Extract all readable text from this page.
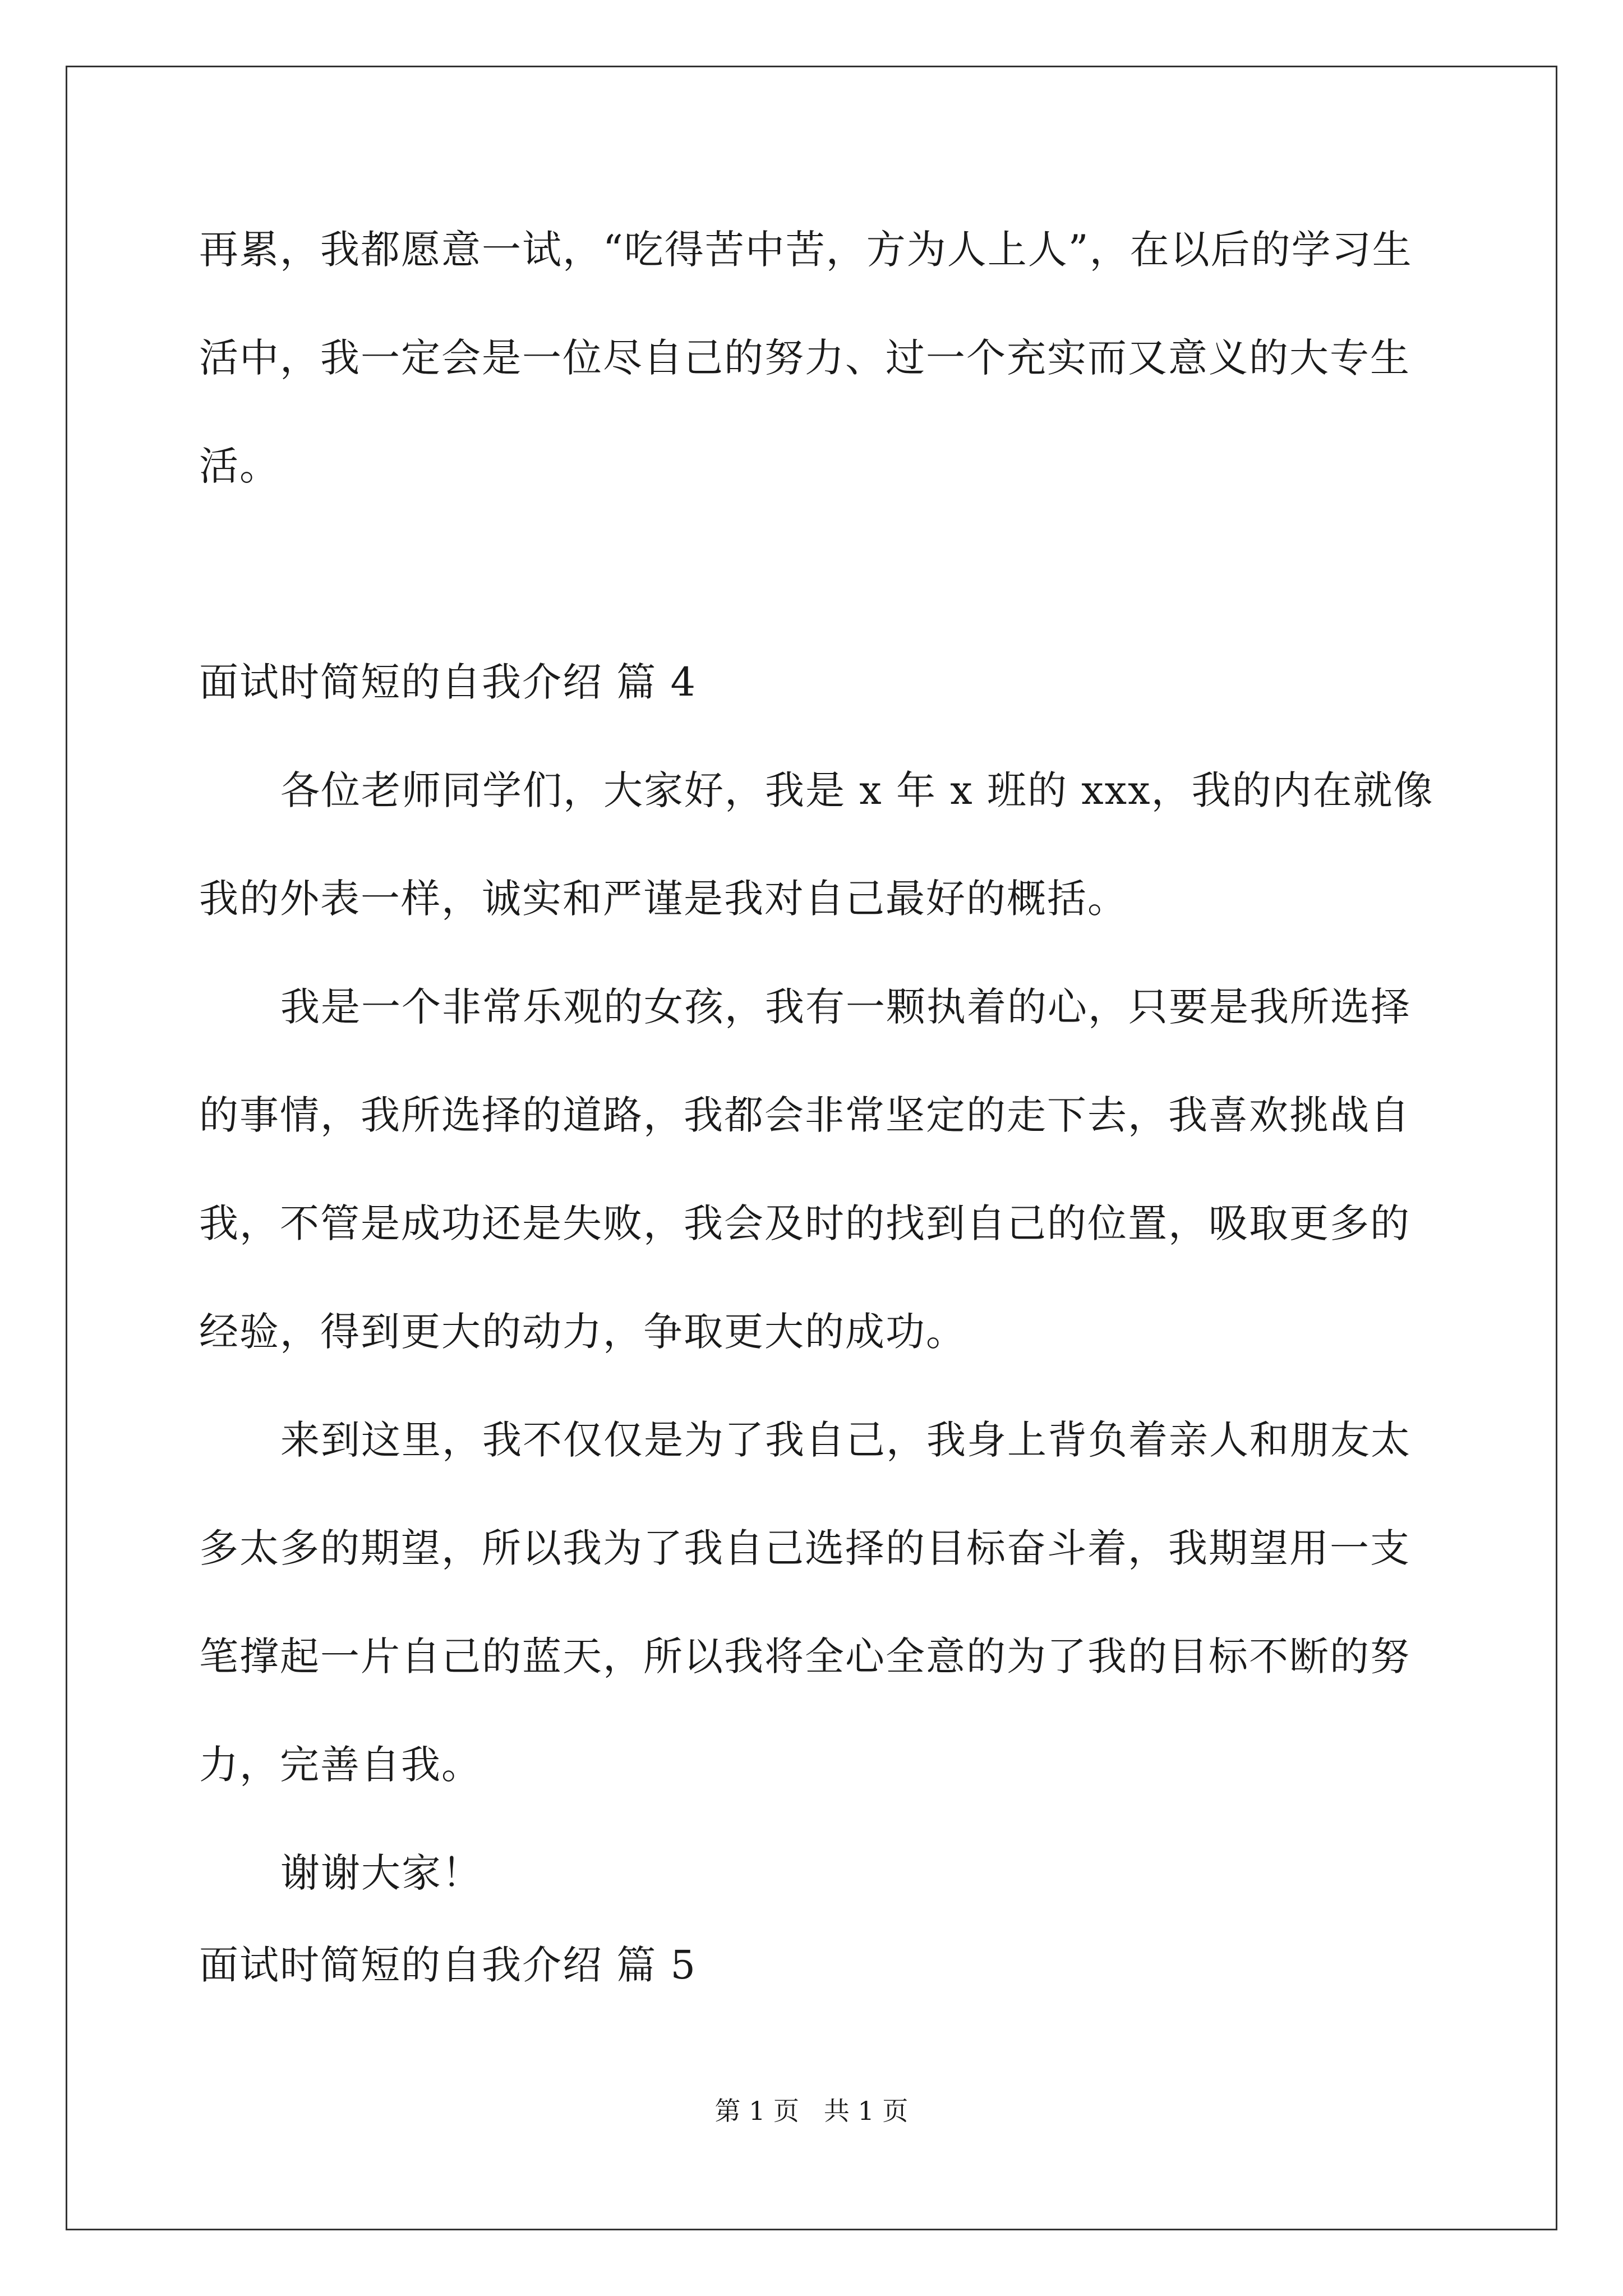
再累，我都愿意一试，“吃得苦中苦，方为人上人”，在以后的学习生

活中，我一定会是一位尽自己的努力、过一个充实而又意义的大专生

活。

面试时简短的自我介绍 篇 4

各位老师同学们，大家好，我是 x 年 x 班的 xxx，我的内在就像

我的外表一样，诚实和严谨是我对自己最好的概括。

我是一个非常乐观的女孩，我有一颗执着的心，只要是我所选择

的事情，我所选择的道路，我都会非常坚定的走下去，我喜欢挑战自

我，不管是成功还是失败，我会及时的找到自己的位置，吸取更多的

经验，得到更大的动力，争取更大的成功。

来到这里，我不仅仅是为了我自己，我身上背负着亲人和朋友太

多太多的期望，所以我为了我自己选择的目标奋斗着，我期望用一支

笔撑起一片自己的蓝天，所以我将全心全意的为了我的目标不断的努

力，完善自我。

谢谢大家！

面试时简短的自我介绍 篇 5

第 1 页   共 1 页
